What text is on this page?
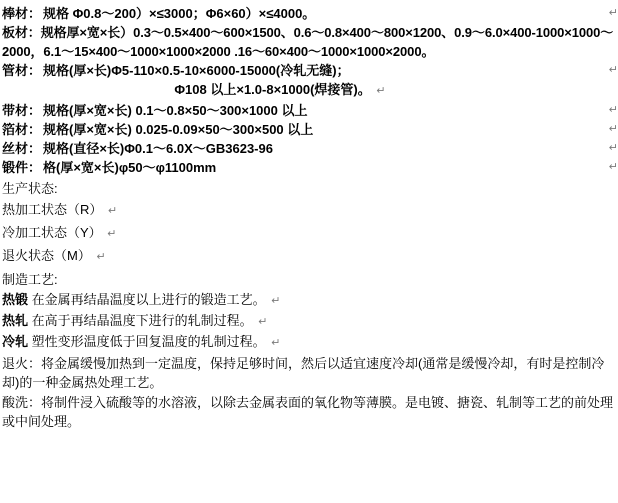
棒材： 规格 Φ0.8～200）×≤3000；Φ6×60）×≤4000。	↵
板材：规格厚×宽×长）0.3～0.5×400～600×1500、0.6～0.8×400～800×1200、0.9～6.0×400-1000×1000～2000，6.1～15×400～1000×1000×2000 .16～60×400～1000×1000×2000。
管材： 规格(厚×长)Φ5-110×0.5-10×6000-15000(冷轧无缝)；	↵
Φ108 以上×1.0-8×1000(焊接管)。 ↵
带材： 规格(厚×宽×长) 0.1～0.8×50～300×1000 以上	↵
箔材： 规格(厚×宽×长) 0.025-0.09×50～300×500 以上	↵
丝材： 规格(直径×长)Φ0.1～6.0X～GB3623-96	↵
锻件： 格(厚×宽×长)φ50～φ1100mm	↵
生产状态:
热加工状态（R） ↵
冷加工状态（Y） ↵
退火状态（M） ↵
制造工艺:
热锻 在金属再结晶温度以上进行的锻造工艺。 ↵
热轧 在高于再结晶温度下进行的轧制过程。 ↵
冷轧 塑性变形温度低于回复温度的轧制过程。 ↵
退火：将金属缓慢加热到一定温度，保持足够时间，然后以适宜速度冷却(通常是缓慢冷却，有时是控制冷却)的一种金属热处理工艺。
酸洗：将制件浸入硫酸等的水溶液，以除去金属表面的氧化物等薄膜。是电镀、搪瓷、轧制等工艺的前处理或中间处理。
